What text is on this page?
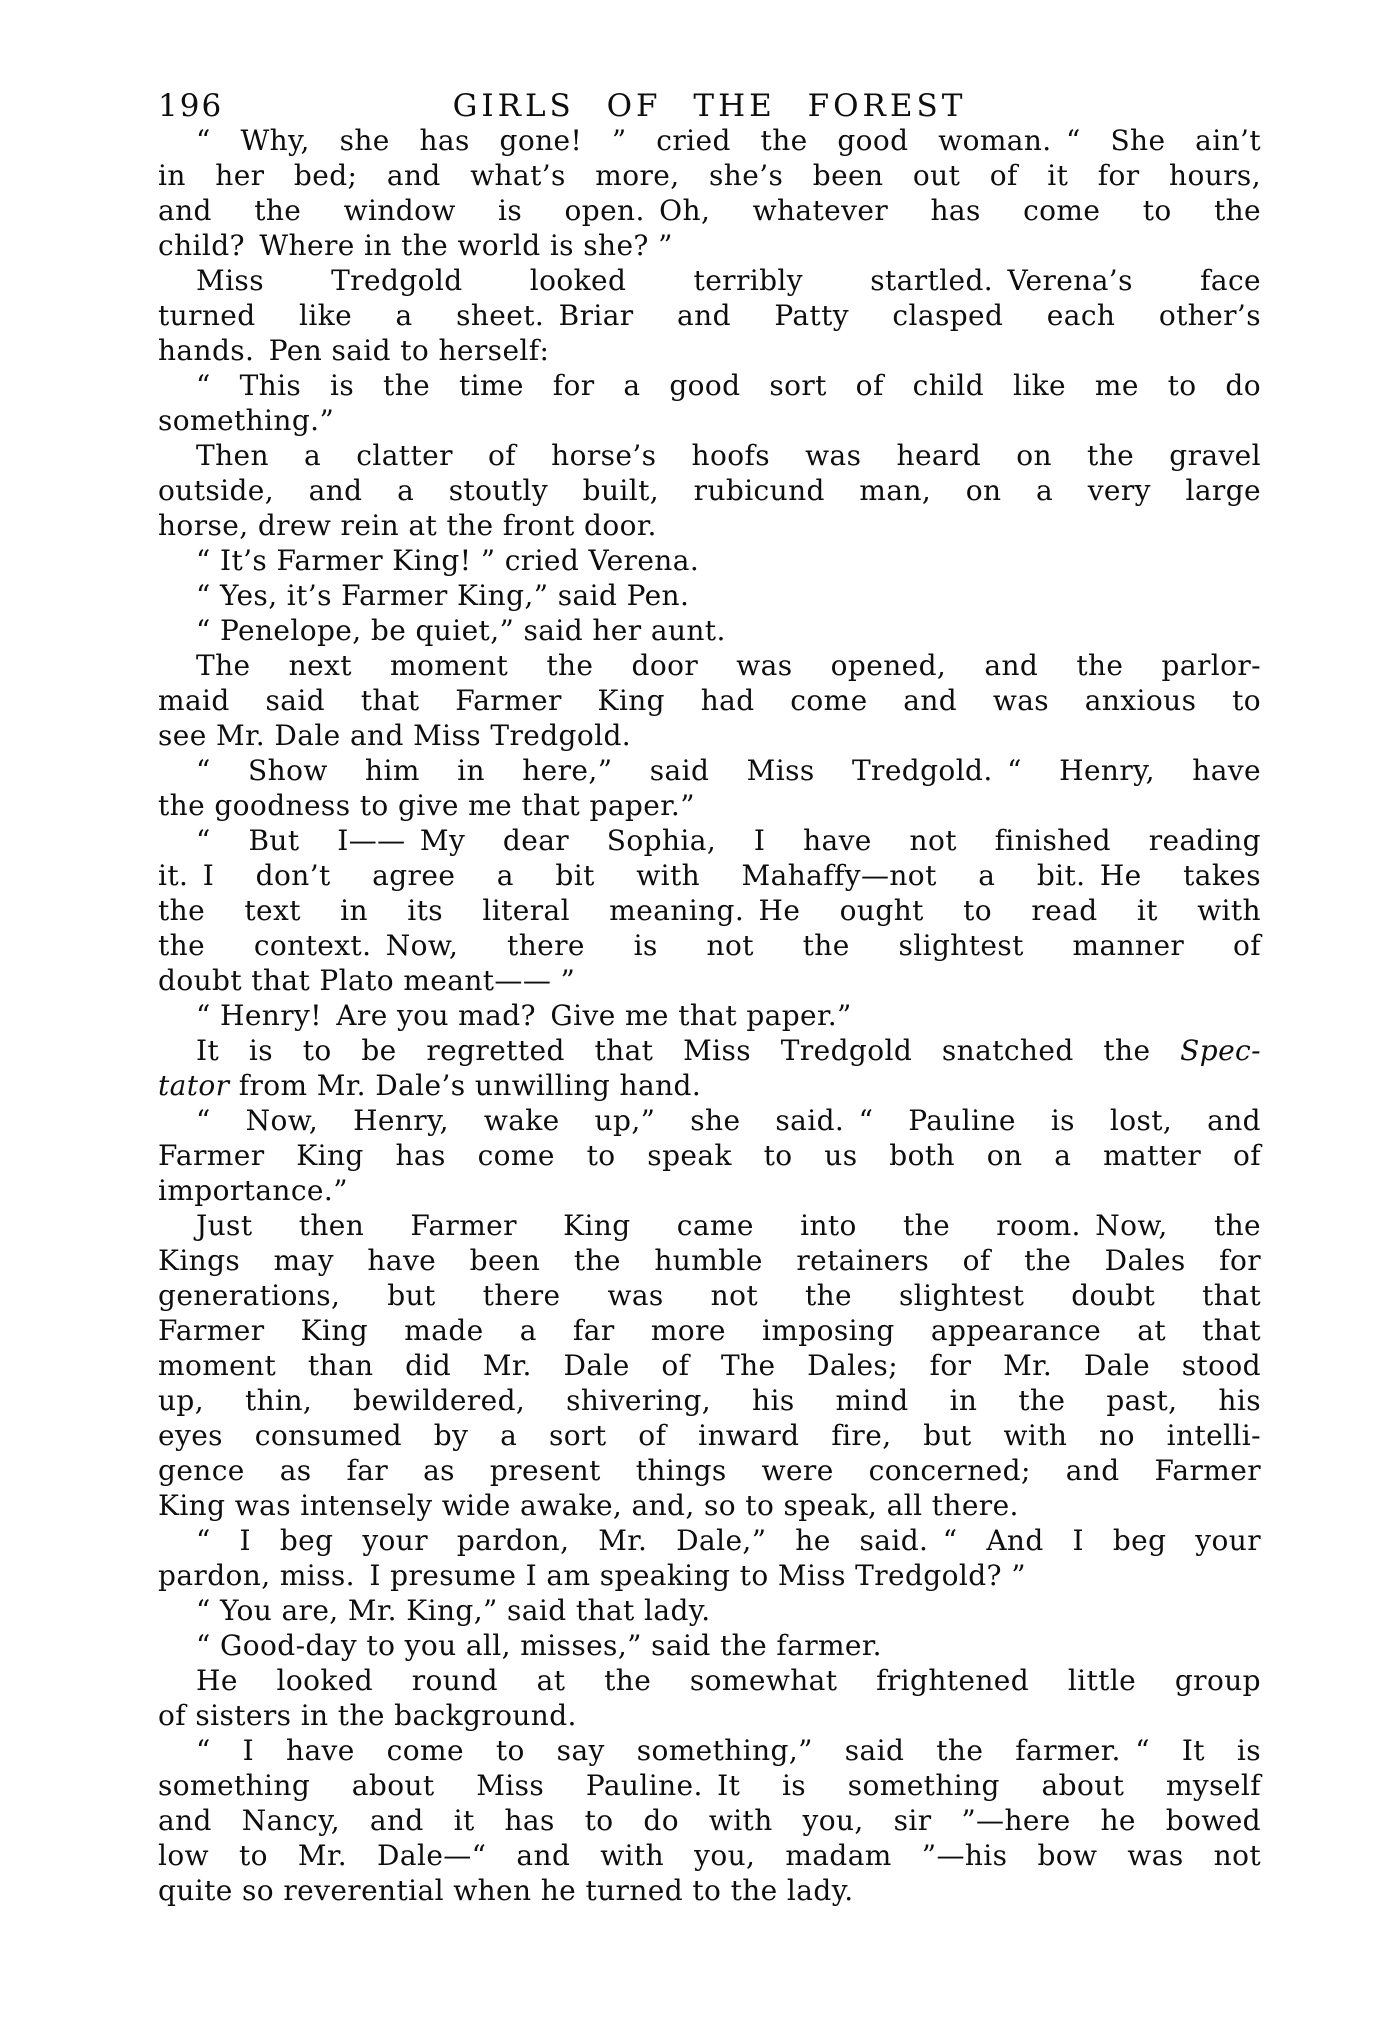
196	GIRLS OF THE FOREST
“ Why, she has gone! ” cried the good woman. “ She ain’t
in her bed; and what’s more, she’s been out of it for hours,
and the window is open. Oh, whatever has come to the
child? Where in the world is she? ”
Miss Tredgold looked terribly startled. Verena’s face
turned like a sheet. Briar and Patty clasped each other’s
hands. Pen said to herself:
“ This is the time for a good sort of child like me to do
something.”
Then a clatter of horse’s hoofs was heard on the gravel
outside, and a stoutly built, rubicund man, on a very large
horse, drew rein at the front door.
“ It’s Farmer King! ” cried Verena.
“ Yes, it’s Farmer King,” said Pen.
“ Penelope, be quiet,” said her aunt.
The next moment the door was opened, and the parlor-
maid said that Farmer King had come and was anxious to
see Mr. Dale and Miss Tredgold.
“ Show him in here,” said Miss Tredgold. “ Henry, have
the goodness to give me that paper.”
“ But I—— My dear Sophia, I have not finished reading
it. I don’t agree a bit with Mahaffy—not a bit. He takes
the text in its literal meaning. He ought to read it with
the context. Now, there is not the slightest manner of
doubt that Plato meant—— ”
“ Henry! Are you mad? Give me that paper.”
It is to be regretted that Miss Tredgold snatched the Spec-
tator from Mr. Dale’s unwilling hand.
“ Now, Henry, wake up,” she said. “ Pauline is lost, and
Farmer King has come to speak to us both on a matter of
importance.”
Just then Farmer King came into the room. Now, the
Kings may have been the humble retainers of the Dales for
generations, but there was not the slightest doubt that
Farmer King made a far more imposing appearance at that
moment than did Mr. Dale of The Dales; for Mr. Dale stood
up, thin, bewildered, shivering, his mind in the past, his
eyes consumed by a sort of inward fire, but with no intelli-
gence as far as present things were concerned; and Farmer
King was intensely wide awake, and, so to speak, all there.
“ I beg your pardon, Mr. Dale,” he said. “ And I beg your
pardon, miss. I presume I am speaking to Miss Tredgold? ”
“ You are, Mr. King,” said that lady.
“ Good-day to you all, misses,” said the farmer.
He looked round at the somewhat frightened little group
of sisters in the background.
“ I have come to say something,” said the farmer. “ It is
something about Miss Pauline. It is something about myself
and Nancy, and it has to do with you, sir ”—here he bowed
low to Mr. Dale—“ and with you, madam ”—his bow was not
quite so reverential when he turned to the lady.
